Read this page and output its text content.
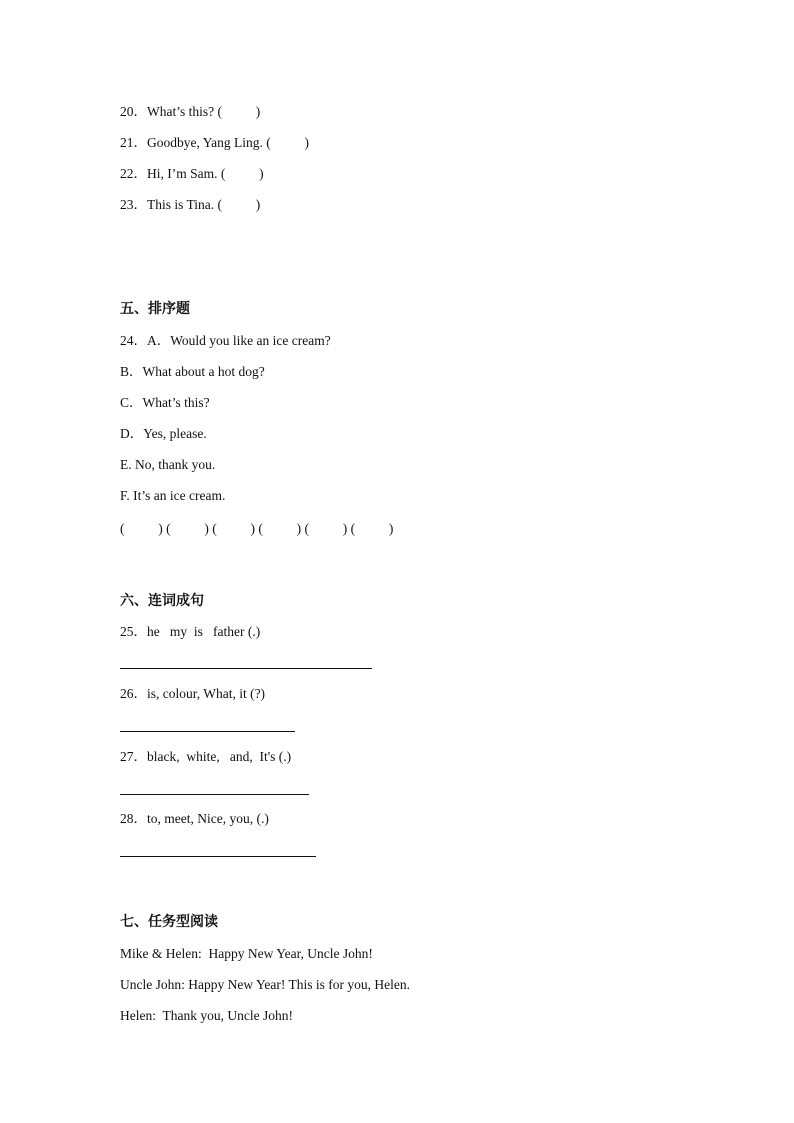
20．What’s this? (          )
21．Goodbye, Yang Ling. (          )
22．Hi, I’m Sam. (          )
23．This is Tina. (          )
五、排序题
24．A．Would you like an ice cream?
B．What about a hot dog?
C．What’s this?
D．Yes, please.
E. No, thank you.
F. It’s an ice cream.
(          ) (          ) (          ) (          ) (          ) (          )
六、连词成句
25．he   my  is   father (.)
26．is, colour, What, it (?)
27．black,  white,   and,  It's (.)
28．to, meet, Nice, you, (.)
七、任务型阅读
Mike & Helen:  Happy New Year, Uncle John!
Uncle John: Happy New Year! This is for you, Helen.
Helen:  Thank you, Uncle John!
